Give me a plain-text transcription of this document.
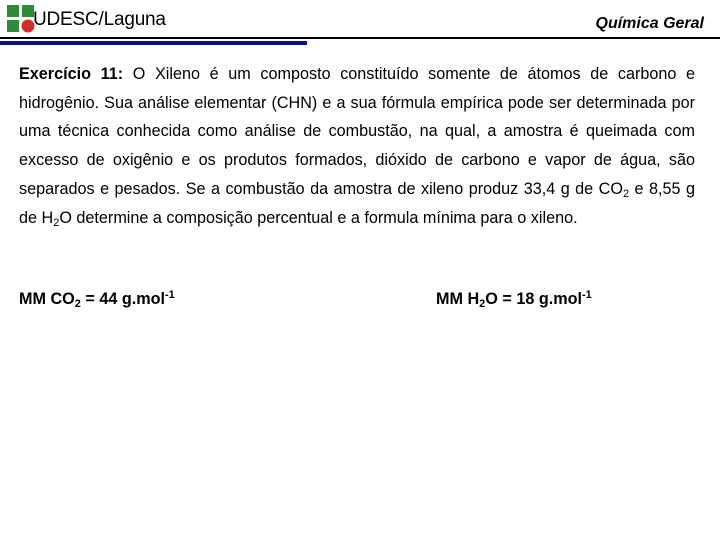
UDESC/Laguna	Química Geral

Exercício 11: O Xileno é um composto constituído somente de átomos de carbono e hidrogênio. Sua análise elementar (CHN) e a sua fórmula empírica pode ser determinada por uma técnica conhecida como análise de combustão, na qual, a amostra é queimada com excesso de oxigênio e os produtos formados, dióxido de carbono e vapor de água, são separados e pesados. Se a combustão da amostra de xileno produz 33,4 g de $CO_2$ e 8,55 g de $H_2O$ determine a composição percentual e a formula mínima para o xileno.

MM $CO_2 = 44$ g.mol$^{-1}$	MM $H_2O = 18$ g.mol$^{-1}$
